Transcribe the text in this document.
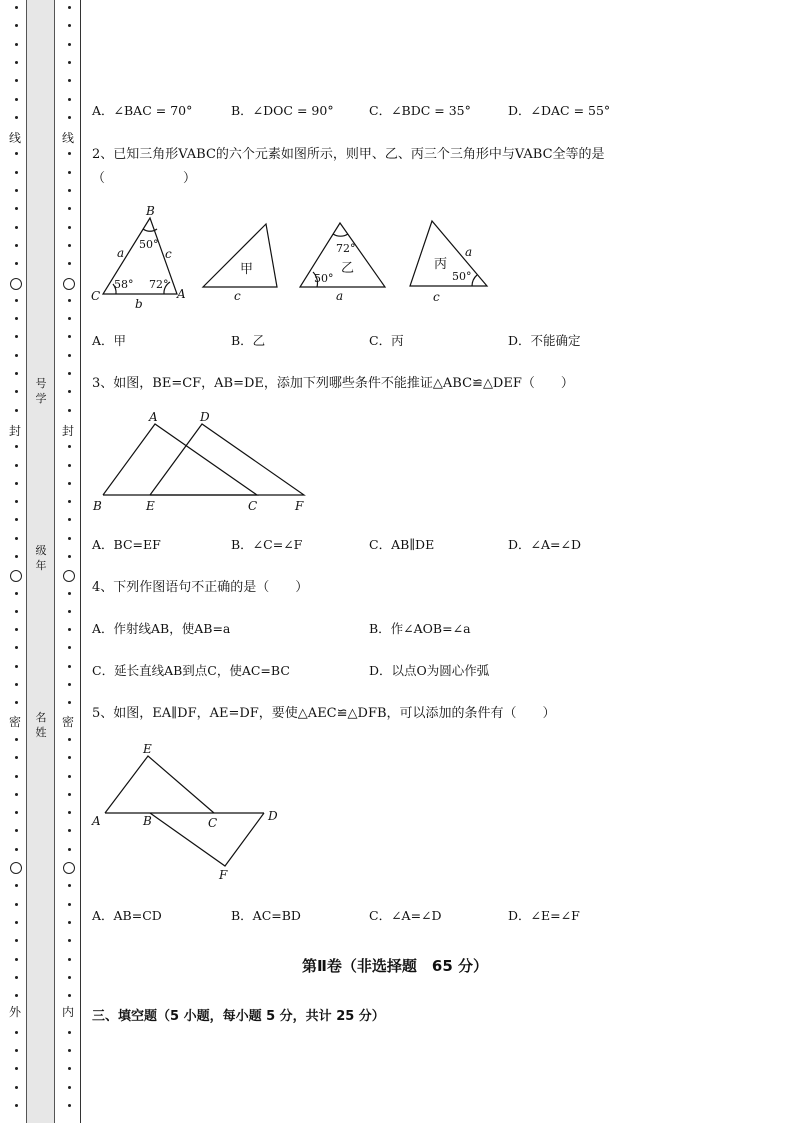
线
封
密
外
号学
级年
名姓
线
封
密
内
A．∠BAC = 70°	B．∠DOC = 90°	C．∠BDC = 35°	D．∠DAC = 55°
2、已知三角形VABC的六个元素如图所示，则甲、乙、丙三个三角形中与VABC全等的是
（　　　　　　）
B
a	c
50°
58° 72°
C
b
A
甲
c
72°
乙
50°
a
a
丙
50°
c
A．甲	B．乙	C．丙	D．不能确定
3、如图，BE=CF，AB=DE，添加下列哪些条件不能推证△ABC≌△DEF（　　）
A	D
B	E	C	F
A．BC=EF	B．∠C=∠F	C．AB∥DE	D．∠A=∠D
4、下列作图语句不正确的是（　　）
A．作射线AB，使AB=a	B．作∠AOB=∠a
C．延长直线AB到点C，使AC=BC	D．以点O为圆心作弧
5、如图，EA∥DF，AE=DF，要使△AEC≌△DFB，可以添加的条件有（　　）
E
A	B	C	D
F
A．AB=CD	B．AC=BD	C．∠A=∠D	D．∠E=∠F
第Ⅱ卷（非选择题　65 分）
三、填空题（5 小题，每小题 5 分，共计 25 分）
